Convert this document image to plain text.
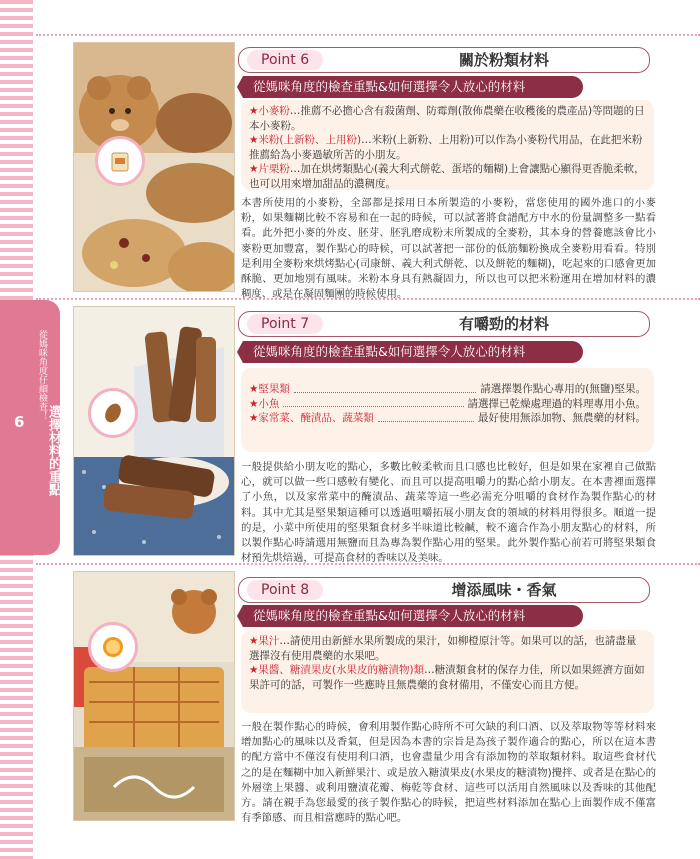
從媽咪角度仔細檢查！
6 選擇材料的重點
Point 6	關於粉類材料
從媽咪角度的檢查重點&如何選擇令人放心的材料

★小麥粉…推薦不必擔心含有殺菌劑、防霉劑(散佈農藥在收穫後的農產品)等問題的日本小麥粉。

★米粉(上新粉、上用粉)…米粉(上新粉、上用粉)可以作為小麥粉代用品，在此把米粉推薦給為小麥過敏所苦的小朋友。

★片栗粉…加在烘烤類點心(義大利式餅乾、蛋塔的麵糊)上會讓點心顯得更香脆柔軟，也可以用來增加甜品的濃稠度。

本書所使用的小麥粉，全部都是採用日本所製造的小麥粉，當您使用的國外進口的小麥粉，如果麵糊比較不容易和在一起的時候，可以試著將食譜配方中水的份量調整多一點看看。此外把小麥的外皮、胚芽、胚乳磨成粉末所製成的全麥粉，其本身的營養應該會比小麥粉更加豐富，製作點心的時候，可以試著把一部份的低筋麵粉換成全麥粉用看看。特別是利用全麥粉來烘烤點心(司康餅、義大利式餅乾、以及餅乾的麵糊)，吃起來的口感會更加酥脆、更加地別有風味。米粉本身具有熱凝固力，所以也可以把米粉運用在增加材料的濃稠度、或是在凝固麵團的時候使用。

Point 7	有嚼勁的材料
從媽咪角度的檢查重點&如何選擇令人放心的材料
★ 堅果類	請選擇製作點心專用的(無鹽)堅果。
★ 小魚	請選擇已乾燥處理過的料理專用小魚。
★ 家常菜、醃漬品、蔬菜類	最好使用無添加物、無農藥的材料。

一般提供給小朋友吃的點心，多數比較柔軟而且口感也比較好，但是如果在家裡自己做點心，就可以做一些口感較有變化、而且可以提高咀嚼力的點心給小朋友。在本書裡面選擇了小魚，以及家常菜中的醃漬品、蔬菜等這一些必需充分咀嚼的食材作為製作點心的材料。其中尤其是堅果類這種可以透過咀嚼拓展小朋友食的領域的材料用得很多。順道一提的是，小菜中所使用的堅果類食材多半味道比較鹹，較不適合作為小朋友點心的材料，所以製作點心時請選用無鹽而且為專為製作點心用的堅果。此外製作點心前若可將堅果類食材預先烘焙過，可提高食材的香味以及美味。

Point 8	增添風味・香氣
從媽咪角度的檢查重點&如何選擇令人放心的材料

★果汁…請使用由新鮮水果所製成的果汁，如柳橙原汁等。如果可以的話，也請盡量選擇沒有使用農藥的水果吧。

★果醬、糖漬果皮(水果皮的糖漬物)類…糖漬類食材的保存力佳，所以如果經濟方面如果許可的話，可製作一些應時且無農藥的食材備用，不僅安心而且方便。

一般在製作點心的時候，會利用製作點心時所不可欠缺的利口酒、以及萃取物等等材料來增加點心的風味以及香氣，但是因為本書的宗旨是為孩子製作適合的點心，所以在這本書的配方當中不僅沒有使用利口酒，也會盡量少用含有添加物的萃取類材料。取這些食材代之的是在麵糊中加入新鮮果汁、或是放入糖漬果皮(水果皮的糖漬物)攪拌、或者是在點心的外層塗上果醬、或利用鹽漬花瓣、梅乾等食材、這些可以活用自然風味以及香味的其他配方。請在親手為您最愛的孩子製作點心的時候，把這些材料添加在點心上面製作成不僅富有季節感、而且相當應時的點心吧。
